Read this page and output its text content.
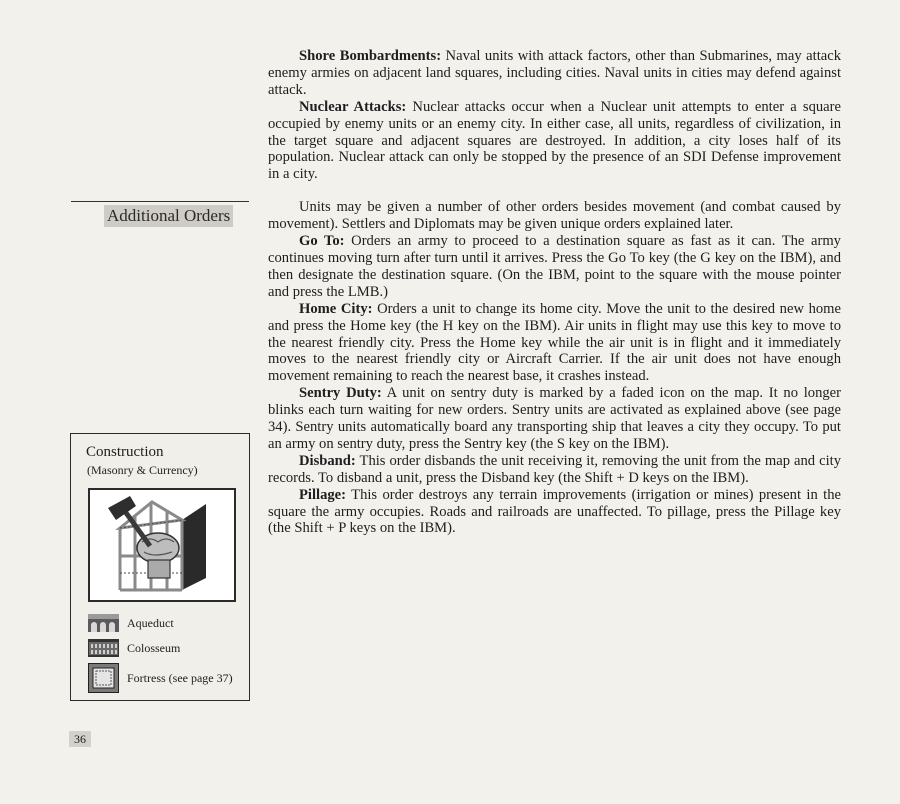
Additional Orders

Shore Bombardments: Naval units with attack factors, other than Submarines, may attack enemy armies on adjacent land squares, including cities. Naval units in cities may defend against attack.

Nuclear Attacks: Nuclear attacks occur when a Nuclear unit attempts to enter a square occupied by enemy units or an enemy city. In either case, all units, regardless of civilization, in the target square and adjacent squares are destroyed. In addition, a city loses half of its population. Nuclear attack can only be stopped by the presence of an SDI Defense improvement in a city.

Units may be given a number of other orders besides movement (and combat caused by movement). Settlers and Diplomats may be given unique orders explained later.

Go To: Orders an army to proceed to a destination square as fast as it can. The army continues moving turn after turn until it arrives. Press the Go To key (the G key on the IBM), and then designate the destination square. (On the IBM, point to the square with the mouse pointer and press the LMB.)

Home City: Orders a unit to change its home city. Move the unit to the desired new home and press the Home key (the H key on the IBM). Air units in flight may use this key to move to the nearest friendly city. Press the Home key while the air unit is in flight and it immediately moves to the nearest friendly city or Aircraft Carrier. If the air unit does not have enough movement remaining to reach the nearest base, it crashes instead.

Sentry Duty: A unit on sentry duty is marked by a faded icon on the map. It no longer blinks each turn waiting for new orders. Sentry units are activated as explained above (see page 34). Sentry units automatically board any transporting ship that leaves a city they occupy. To put an army on sentry duty, press the Sentry key (the S key on the IBM).

Disband: This order disbands the unit receiving it, removing the unit from the map and city records. To disband a unit, press the Disband key (the Shift + D keys on the IBM).

Pillage: This order destroys any terrain improvements (irrigation or mines) present in the square the army occupies. Roads and railroads are unaffected. To pillage, press the Pillage key (the Shift + P keys on the IBM).

Construction
(Masonry & Currency)
Aqueduct
Colosseum
Fortress (see page 37)
36
